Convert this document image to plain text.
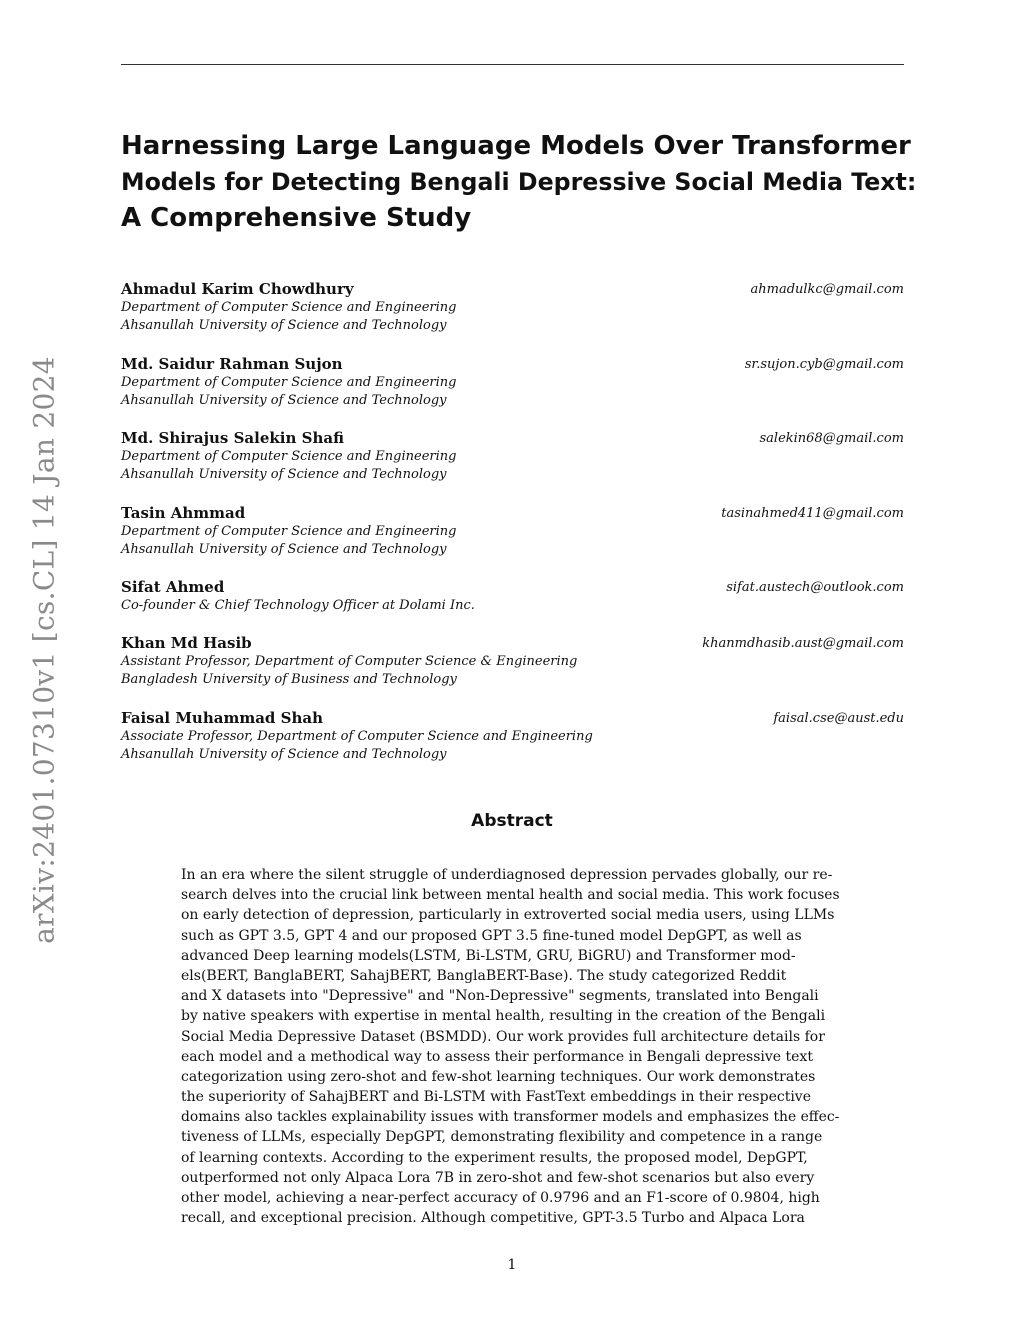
arXiv:2401.07310v1 [cs.CL] 14 Jan 2024
Harnessing Large Language Models Over Transformer
Models for Detecting Bengali Depressive Social Media Text:
A Comprehensive Study
Ahmadul Karim Chowdhury	ahmadulkc@gmail.com
Department of Computer Science and Engineering
Ahsanullah University of Science and Technology
Md. Saidur Rahman Sujon	sr.sujon.cyb@gmail.com
Department of Computer Science and Engineering
Ahsanullah University of Science and Technology
Md. Shirajus Salekin Shafi	salekin68@gmail.com
Department of Computer Science and Engineering
Ahsanullah University of Science and Technology
Tasin Ahmmad	tasinahmed411@gmail.com
Department of Computer Science and Engineering
Ahsanullah University of Science and Technology
Sifat Ahmed	sifat.austech@outlook.com
Co-founder & Chief Technology Officer at Dolami Inc.
Khan Md Hasib	khanmdhasib.aust@gmail.com
Assistant Professor, Department of Computer Science & Engineering
Bangladesh University of Business and Technology
Faisal Muhammad Shah	faisal.cse@aust.edu
Associate Professor, Department of Computer Science and Engineering
Ahsanullah University of Science and Technology
Abstract
In an era where the silent struggle of underdiagnosed depression pervades globally, our re-
search delves into the crucial link between mental health and social media. This work focuses
on early detection of depression, particularly in extroverted social media users, using LLMs
such as GPT 3.5, GPT 4 and our proposed GPT 3.5 fine-tuned model DepGPT, as well as
advanced Deep learning models(LSTM, Bi-LSTM, GRU, BiGRU) and Transformer mod-
els(BERT, BanglaBERT, SahajBERT, BanglaBERT-Base). The study categorized Reddit
and X datasets into "Depressive" and "Non-Depressive" segments, translated into Bengali
by native speakers with expertise in mental health, resulting in the creation of the Bengali
Social Media Depressive Dataset (BSMDD). Our work provides full architecture details for
each model and a methodical way to assess their performance in Bengali depressive text
categorization using zero-shot and few-shot learning techniques. Our work demonstrates
the superiority of SahajBERT and Bi-LSTM with FastText embeddings in their respective
domains also tackles explainability issues with transformer models and emphasizes the effec-
tiveness of LLMs, especially DepGPT, demonstrating flexibility and competence in a range
of learning contexts. According to the experiment results, the proposed model, DepGPT,
outperformed not only Alpaca Lora 7B in zero-shot and few-shot scenarios but also every
other model, achieving a near-perfect accuracy of 0.9796 and an F1-score of 0.9804, high
recall, and exceptional precision. Although competitive, GPT-3.5 Turbo and Alpaca Lora
1
